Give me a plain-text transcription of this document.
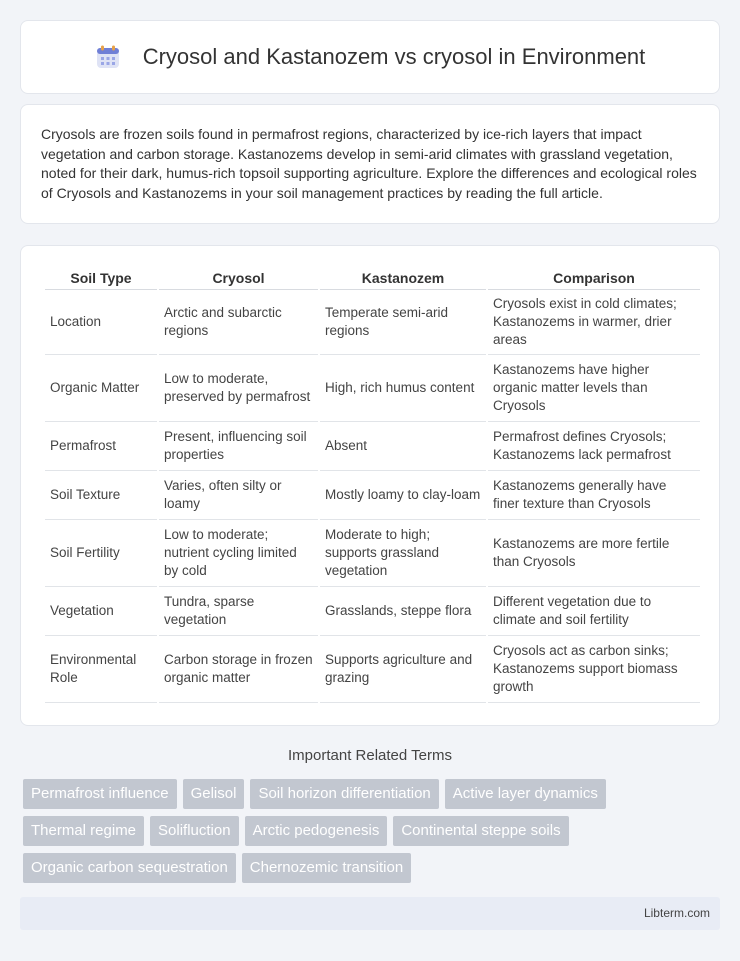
Cryosol and Kastanozem vs cryosol in Environment

Cryosols are frozen soils found in permafrost regions, characterized by ice-rich layers that impact vegetation and carbon storage. Kastanozems develop in semi-arid climates with grassland vegetation, noted for their dark, humus-rich topsoil supporting agriculture. Explore the differences and ecological roles of Cryosols and Kastanozems in your soil management practices by reading the full article.

Soil Type	Cryosol	Kastanozem	Comparison
Location	Arctic and subarctic regions	Temperate semi-arid regions	Cryosols exist in cold climates; Kastanozems in warmer, drier areas
Organic Matter	Low to moderate, preserved by permafrost	High, rich humus content	Kastanozems have higher organic matter levels than Cryosols
Permafrost	Present, influencing soil properties	Absent	Permafrost defines Cryosols; Kastanozems lack permafrost
Soil Texture	Varies, often silty or loamy	Mostly loamy to clay-loam	Kastanozems generally have finer texture than Cryosols
Soil Fertility	Low to moderate; nutrient cycling limited by cold	Moderate to high; supports grassland vegetation	Kastanozems are more fertile than Cryosols
Vegetation	Tundra, sparse vegetation	Grasslands, steppe flora	Different vegetation due to climate and soil fertility
Environmental Role	Carbon storage in frozen organic matter	Supports agriculture and grazing	Cryosols act as carbon sinks; Kastanozems support biomass growth
Important Related Terms
Permafrost influence	Gelisol	Soil horizon differentiation	Active layer dynamics
Thermal regime	Solifluction	Arctic pedogenesis	Continental steppe soils
Organic carbon sequestration	Chernozemic transition
Libterm.com
